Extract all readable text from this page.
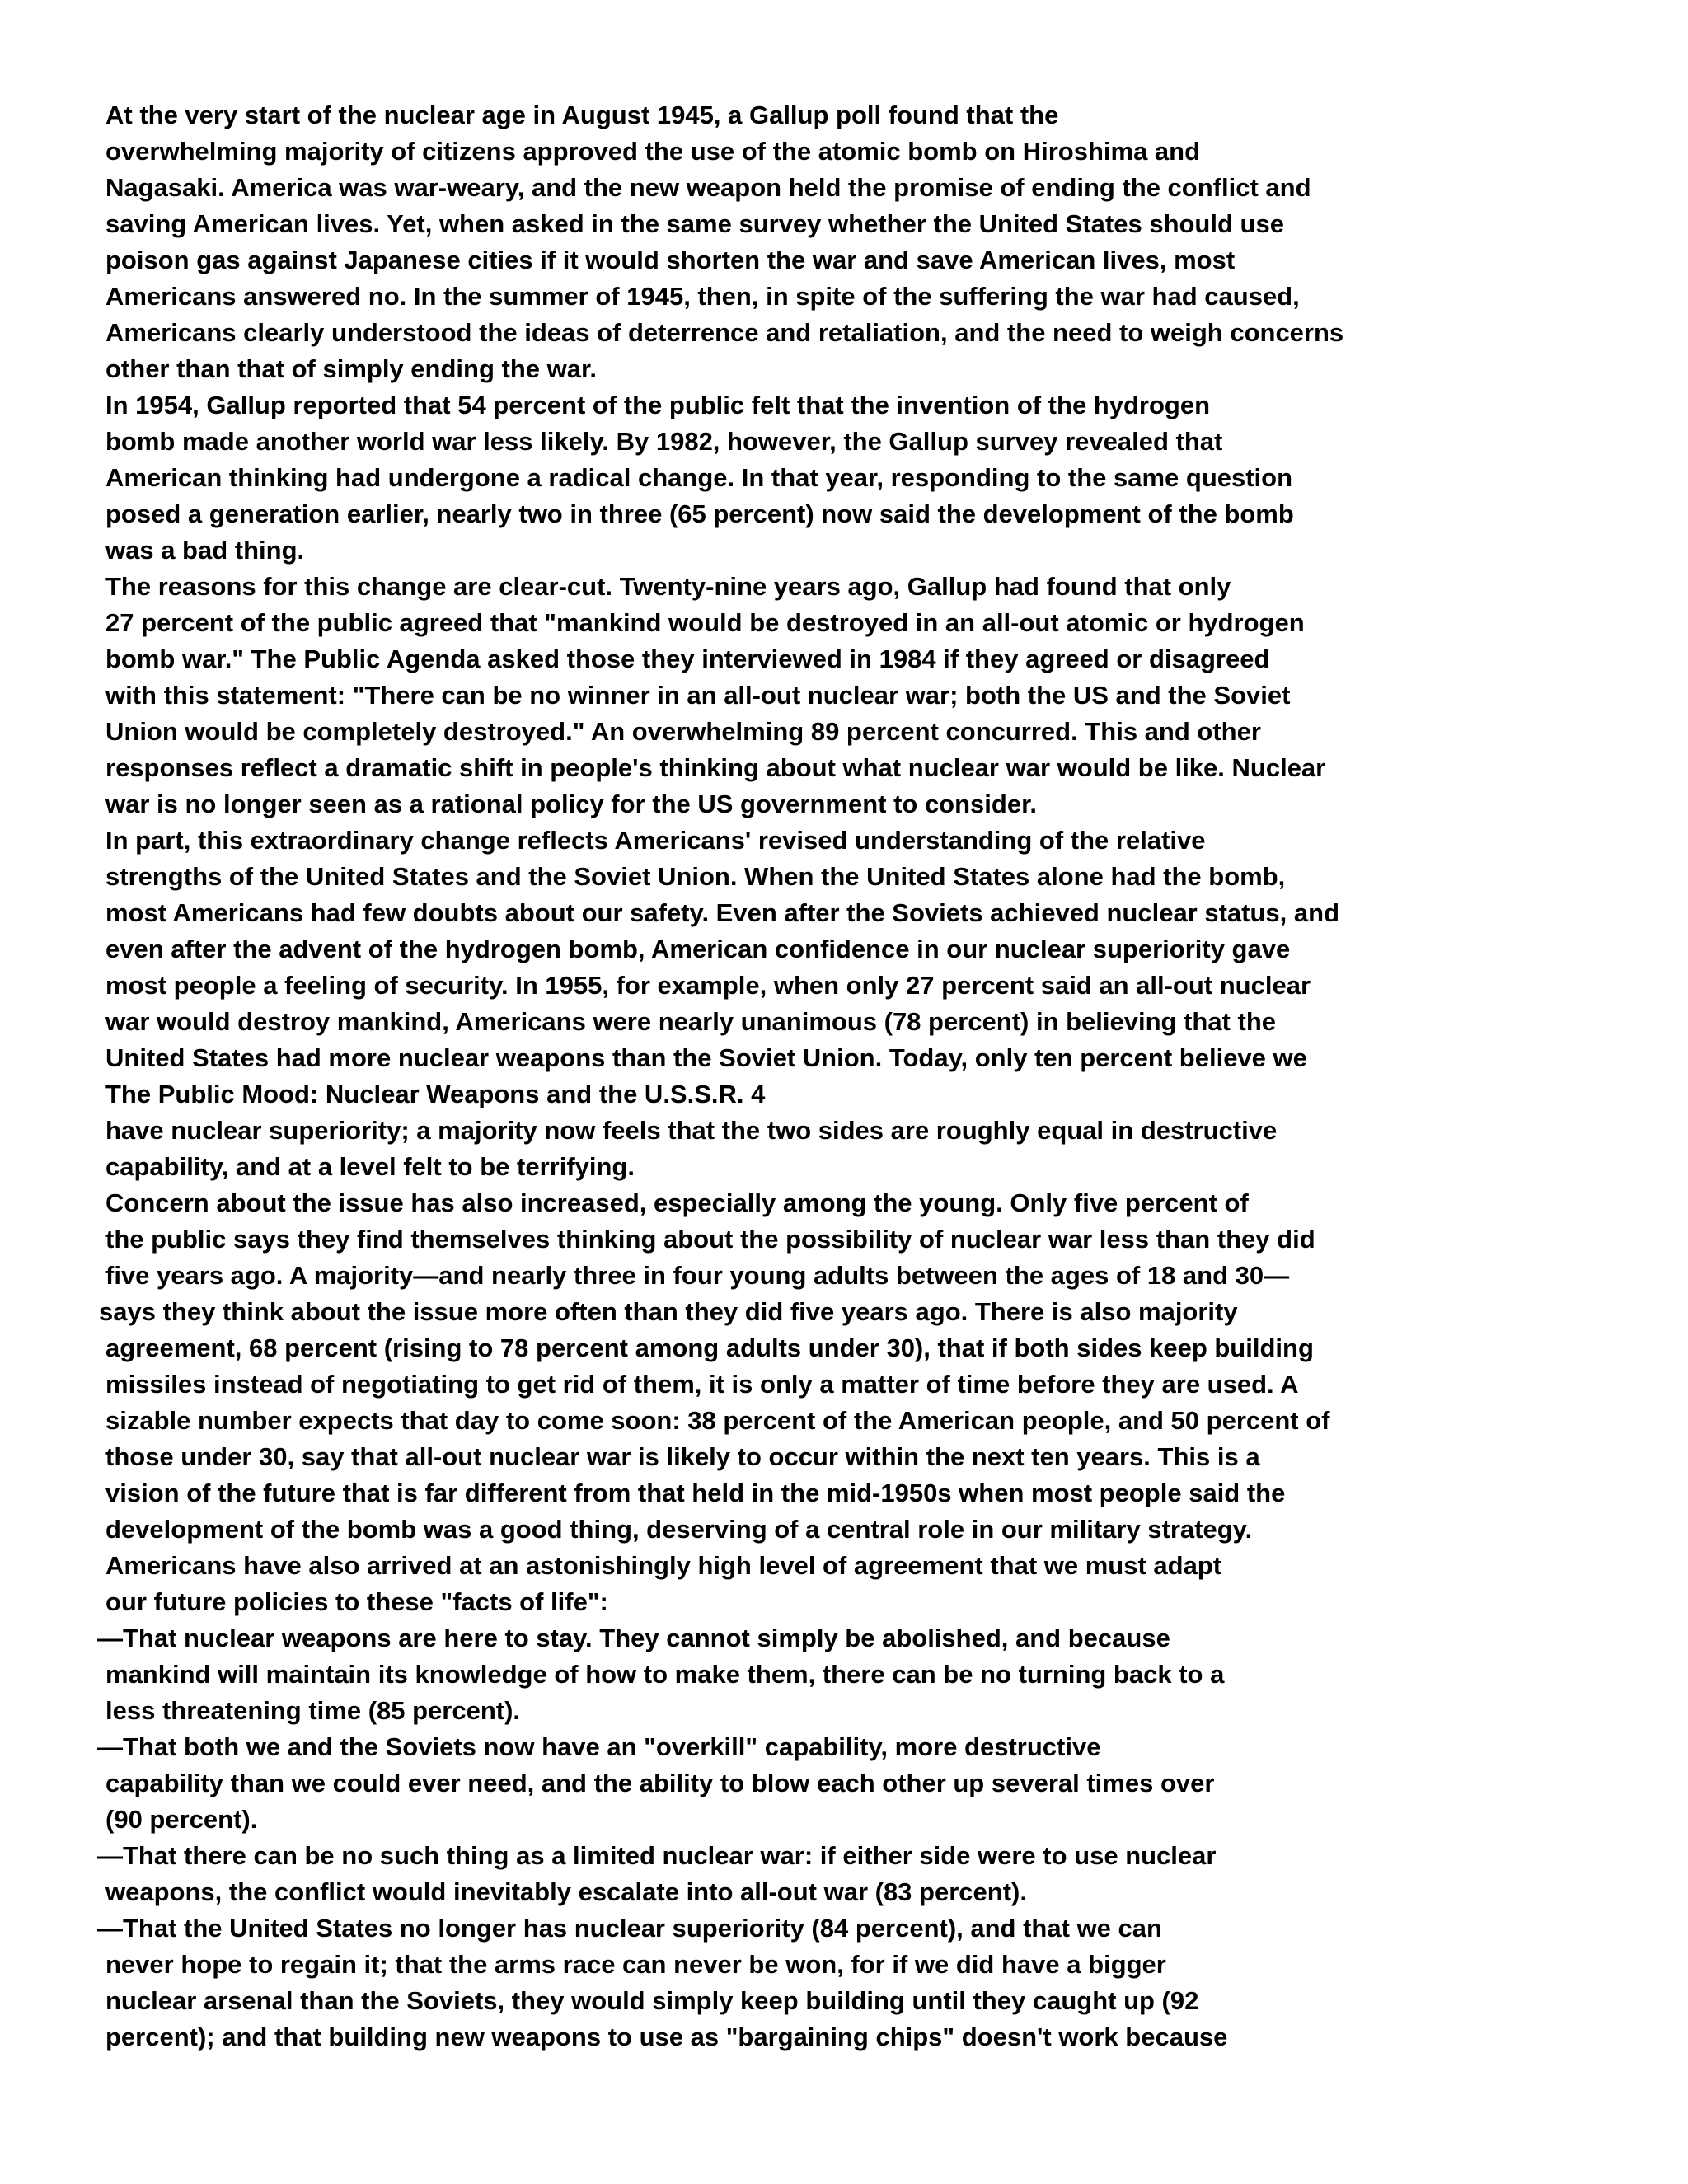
At the very start of the nuclear age in August 1945, a Gallup poll found that the
overwhelming majority of citizens approved the use of the atomic bomb on Hiroshima and
Nagasaki. America was war-weary, and the new weapon held the promise of ending the conflict and
saving American lives. Yet, when asked in the same survey whether the United States should use
poison gas against Japanese cities if it would shorten the war and save American lives, most
Americans answered no. In the summer of 1945, then, in spite of the suffering the war had caused,
Americans clearly understood the ideas of deterrence and retaliation, and the need to weigh concerns
other than that of simply ending the war.
In 1954, Gallup reported that 54 percent of the public felt that the invention of the hydrogen
bomb made another world war less likely. By 1982, however, the Gallup survey revealed that
American thinking had undergone a radical change. In that year, responding to the same question
posed a generation earlier, nearly two in three (65 percent) now said the development of the bomb
was a bad thing.
The reasons for this change are clear-cut. Twenty-nine years ago, Gallup had found that only
27 percent of the public agreed that "mankind would be destroyed in an all-out atomic or hydrogen
bomb war." The Public Agenda asked those they interviewed in 1984 if they agreed or disagreed
with this statement: "There can be no winner in an all-out nuclear war; both the US and the Soviet
Union would be completely destroyed." An overwhelming 89 percent concurred. This and other
responses reflect a dramatic shift in people's thinking about what nuclear war would be like. Nuclear
war is no longer seen as a rational policy for the US government to consider.
In part, this extraordinary change reflects Americans' revised understanding of the relative
strengths of the United States and the Soviet Union. When the United States alone had the bomb,
most Americans had few doubts about our safety. Even after the Soviets achieved nuclear status, and
even after the advent of the hydrogen bomb, American confidence in our nuclear superiority gave
most people a feeling of security. In 1955, for example, when only 27 percent said an all-out nuclear
war would destroy mankind, Americans were nearly unanimous (78 percent) in believing that the
United States had more nuclear weapons than the Soviet Union. Today, only ten percent believe we
The Public Mood: Nuclear Weapons and the U.S.S.R. 4
have nuclear superiority; a majority now feels that the two sides are roughly equal in destructive
capability, and at a level felt to be terrifying.
Concern about the issue has also increased, especially among the young. Only five percent of
the public says they find themselves thinking about the possibility of nuclear war less than they did
five years ago. A majority—and nearly three in four young adults between the ages of 18 and 30—
says they think about the issue more often than they did five years ago. There is also majority
agreement, 68 percent (rising to 78 percent among adults under 30), that if both sides keep building
missiles instead of negotiating to get rid of them, it is only a matter of time before they are used. A
sizable number expects that day to come soon: 38 percent of the American people, and 50 percent of
those under 30, say that all-out nuclear war is likely to occur within the next ten years. This is a
vision of the future that is far different from that held in the mid-1950s when most people said the
development of the bomb was a good thing, deserving of a central role in our military strategy.
Americans have also arrived at an astonishingly high level of agreement that we must adapt
our future policies to these "facts of life":
—That nuclear weapons are here to stay. They cannot simply be abolished, and because
mankind will maintain its knowledge of how to make them, there can be no turning back to a
less threatening time (85 percent).
—That both we and the Soviets now have an "overkill" capability, more destructive
capability than we could ever need, and the ability to blow each other up several times over
(90 percent).
—That there can be no such thing as a limited nuclear war: if either side were to use nuclear
weapons, the conflict would inevitably escalate into all-out war (83 percent).
—That the United States no longer has nuclear superiority (84 percent), and that we can
never hope to regain it; that the arms race can never be won, for if we did have a bigger
nuclear arsenal than the Soviets, they would simply keep building until they caught up (92
percent); and that building new weapons to use as "bargaining chips" doesn't work because
